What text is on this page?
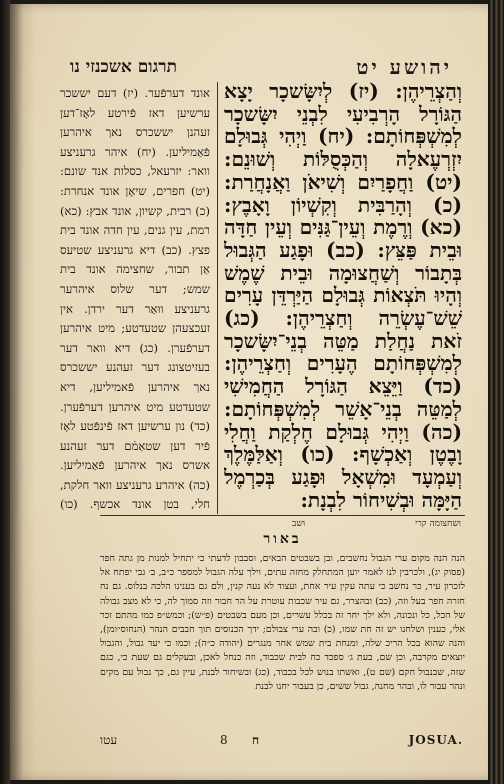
תרגום אשכנזי נו	יהושע יט
אונד דערפֿער. (יז) דעם יששכר ערשיען דאז פֿירטע לאָז־דען זעהנן יששכרס נאך איהרען פֿאַמיליען. (יח) איהר גרעניצע וואר: יזרעאל, כסלות אנד שונם: (יט) חפרים, שיאָן אונד אנחרת: (כ) רבית, קשיון, אונד אבץ: (כא) רמת, עין גנים, עין חדה אונד בית פצץ. (כב) דיא גרעניצע שטיעס אַן תבור, שחצימה אונד בית שמש; דער שלוס איהרער גרעניצע ווּאַר דער ירדן. אין זעכצעהן שטעדטע; מיט איהרען דערפֿערן. (כג) דיא וואר דער בעזיטצונג דער זעהנע יששכרס נאך איהרען פֿאמיליען, דיא שטעדטע מיט איהרען דערפֿערן. (כד) נון ערשיען דאז פֿינפֿטע לאָז פֿיר דען שטאַמֿם דער זעהנע אשרס נאך איהרען פֿאַמיליען. (כה) איהרע גרעניצע וואר חלקת, חלי, בטן אונד אכשף. (כו)
וְהַצְרֵיהֶן: (יז) לְיִשָּׂשכָר יָצָא הַגּוֹרָל הָרְבִיעִי לִבְנֵי יִשָּׂשכָר לְמִשְׁפְּחוֹתָם: (יח) וַיְהִי גְּבוּלָם יִזְרְעֶאלָה וְהַכְּסֻלּוֹת וְשׁוּנֵם: (יט) וַחֲפָרַיִם וְשִׁיאֹן וַאֲנָחֲרַת: (כ) וְהָרַבִּית וְקִשְׁיוֹן וָאָבֶץ: (כא) וְרֶמֶת וְעֵין־גַּנִּים וְעֵין חַדָּה וּבֵית פַּצֵּץ: (כב) וּפָגַע הַגְּבוּל בְּתָבוֹר וְשַׁחֲצוּמָה וּבֵית שֶׁמֶשׁ וְהָיוּ תֹּצְאוֹת גְּבוּלָם הַיַּרְדֵּן עָרִים שֵׁשׁ־עֶשְׂרֵה וְחַצְרֵיהֶן: (כג) זֹאת נַחֲלַת מַטֵּה בְנֵי־יִשָּׂשכָר לְמִשְׁפְּחוֹתָם הֶעָרִים וְחַצְרֵיהֶן: (כד) וַיֵּצֵא הַגּוֹרָל הַחֲמִישִׁי לְמַטֵּה בְנֵי־אָשֵׁר לְמִשְׁפְּחוֹתָם: (כה) וַיְהִי גְּבוּלָם חֶלְקַת וַחֲלִי וָבֶטֶן וְאַכְשָׁף: (כו) וְאַלַּמֶּלֶךְ וְעַמְעָד וּמִשְׁאָל וּפָגַע בְּכַרְמֶל הַיָּמָּה וּבְשִׁיחוֹר לִבְנָת:
ושחצומה קרי
ושב
באור
הנה הנה מקום ערי הגבול נחשבים, ובן בשבטים הבאים, וסבבון לדעתי כי יתחיל למנות מן גתה חפר (פסוק יג), ולכרבין לנו לאמר יוען המתחלק מחזה עתים, וילך עלה הגבול למספר כ״ב, ב׳ גבי יפתח אל לזכרון עיר, כר נחשב כי עתה עקין עיר אחת, ועצוד לא נעה קנין, ולם גם בענינו הלכה בנלוס. גם נח חזרה חפר בעל וזה, (כב) ובהצרר, גם עיר שכבות עוטרת על הר חבור וזה סמוך לה, כי לא מצב גבולה של הכל, כל ונכונה, ולא ילך יחר זה בכלל עשרים, וכן מעם בשבטים (פ״ש); וכמש״פ כמו מהתם זכר אלי, כענין ושלחנו יש זה חת שמו, (כ) ובה ערי צבולם; ידך הכנוסים תוך חבבים הנהר (הנחוס״ומן), והנה שהוא בכל הריכ שלה, ומנחת בית שמש אחר מנגרים (יהודה כ״ה); וכמו כי יעד גבול, והגבול יוצאים מקרבה, וכן שם, בעת ג׳ ספכד כח לבית שכבוד, וזה כנחל לאכן, ובעקלים גם שעת כי, כגם שזה, שבנבול חקם (שם ט), ואשתו בנוש לכל בכבוד, (כג) ובשיחור לבנת, עיין גם, כך נבול עם מקים ונהר עבור לו, ובהר מחנה, גבול ששים, כן בעבור יחנו לבנת
עטו	8 ח	JOSUA.
